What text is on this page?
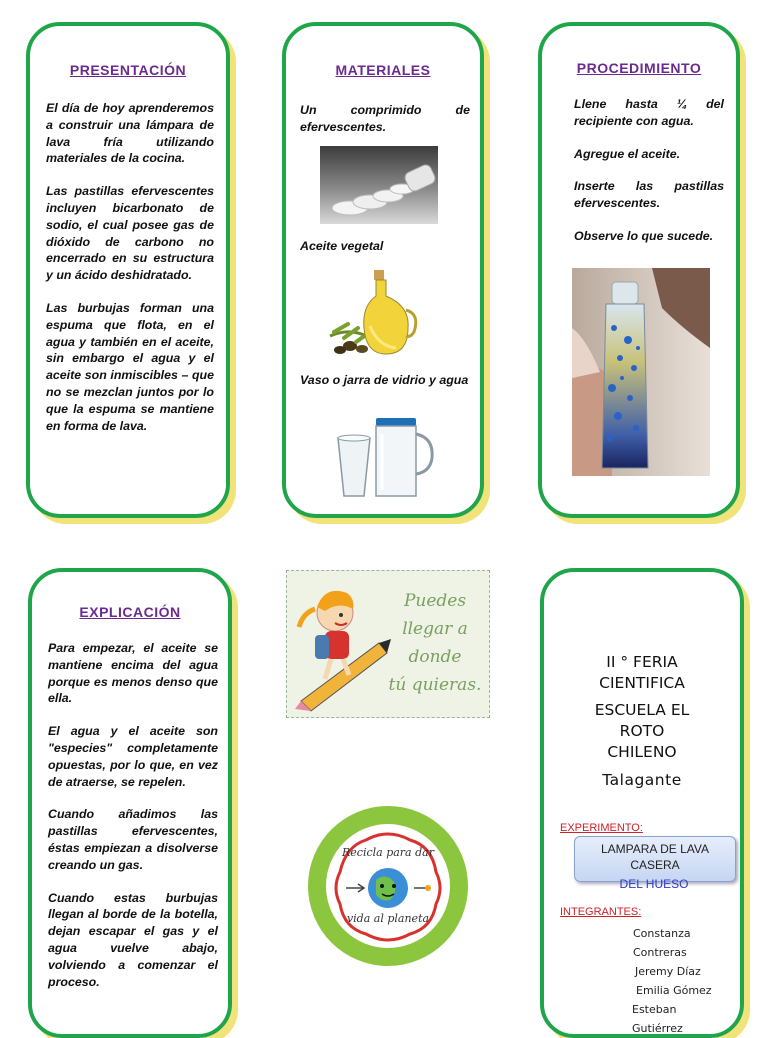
PRESENTACIÓN

El día de hoy aprenderemos a construir una lámpara de lava fría utilizando materiales de la cocina.

Las pastillas efervescentes incluyen bicarbonato de sodio, el cual posee gas de dióxido de carbono no encerrado en su estructura y un ácido deshidratado.

Las burbujas forman una espuma que flota, en el agua y también en el aceite, sin embargo el agua y el aceite son inmiscibles – que no se mezclan juntos por lo que la espuma se mantiene en forma de lava.

MATERIALES
Un comprimido de efervescentes.
Aceite vegetal
Vaso o jarra de vidrio y agua
PROCEDIMIENTO

Llene hasta ¼ del recipiente con agua.

Agregue el aceite.

Inserte las pastillas efervescentes.

Observe lo que sucede.

EXPLICACIÓN

Para empezar, el aceite se mantiene encima del agua porque es menos denso que ella.

El agua y el aceite son "especies" completamente opuestas, por lo que, en vez de atraerse, se repelen.

Cuando añadimos las pastillas efervescentes, éstas empiezan a disolverse creando un gas.

Cuando estas burbujas llegan al borde de la botella, dejan escapar el gas y el agua vuelve abajo, volviendo a comenzar el proceso.

Puedes llegar a
donde
tú quieras.
Recicla para dar
vida al planeta
II ° FERIA CIENTIFICA
ESCUELA EL ROTO CHILENO
Talagante
EXPERIMENTO:
LAMPARA DE LAVA CASERA
DEL HUESO
INTEGRANTES:
Constanza Contreras
Jeremy Díaz
Emilia Gómez
Esteban Gutiérrez
